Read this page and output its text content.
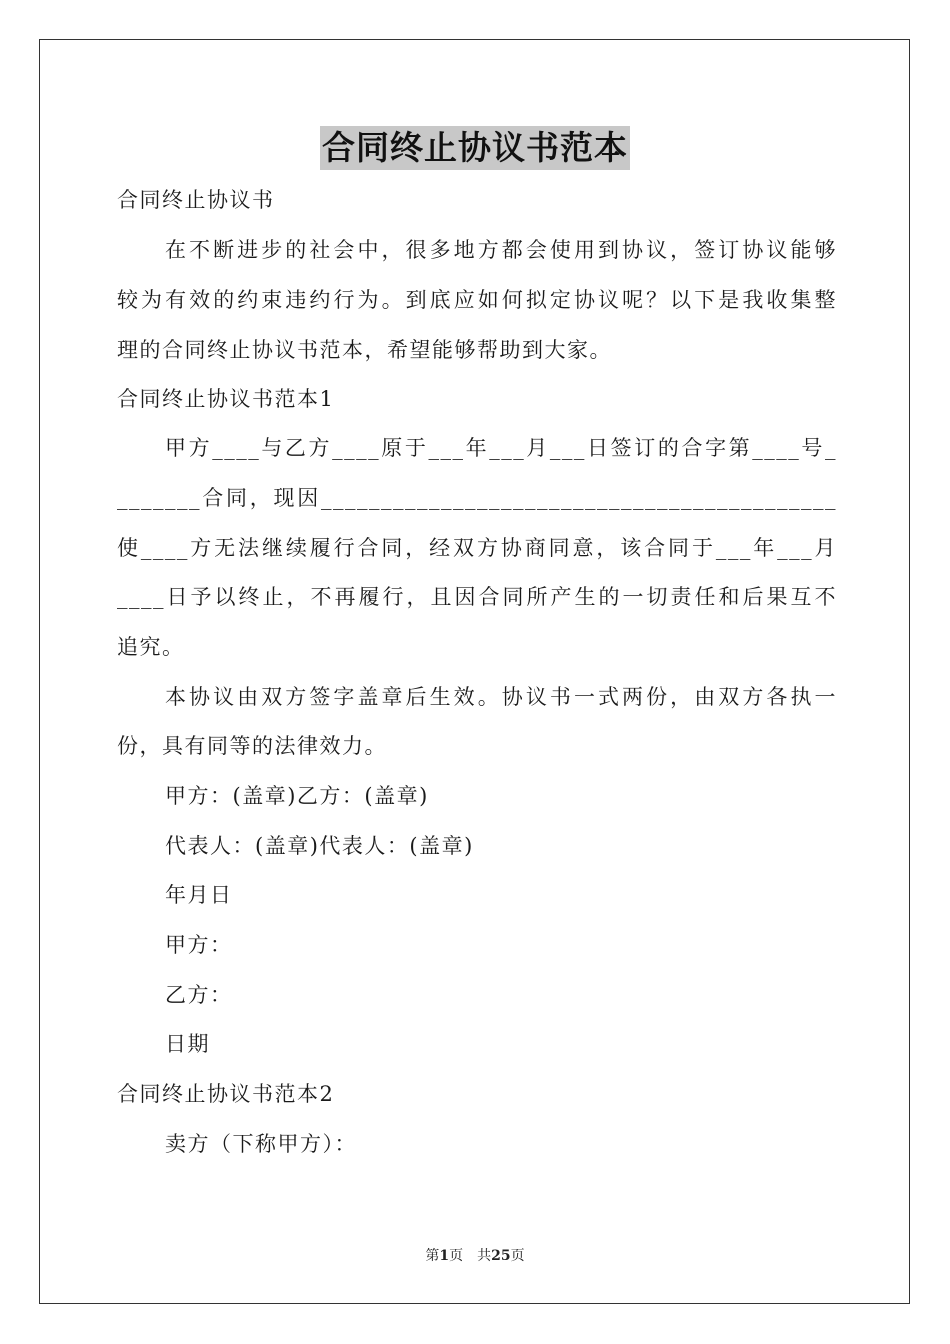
合同终止协议书范本
合同终止协议书
在不断进步的社会中，很多地方都会使用到协议，签订协议能够
较为有效的约束违约行为。到底应如何拟定协议呢？以下是我收集整
理的合同终止协议书范本，希望能够帮助到大家。
合同终止协议书范本1
甲方____与乙方____原于___年___月___日签订的合字第____号_
_______合同，现因___________________________________________
使____方无法继续履行合同，经双方协商同意，该合同于___年___月
____日予以终止，不再履行，且因合同所产生的一切责任和后果互不
追究。
本协议由双方签字盖章后生效。协议书一式两份，由双方各执一
份，具有同等的法律效力。
甲方：(盖章)乙方：(盖章)
代表人：(盖章)代表人：(盖章)
年月日
甲方：
乙方：
日期
合同终止协议书范本2
卖方（下称甲方）：
第1页　共25页
